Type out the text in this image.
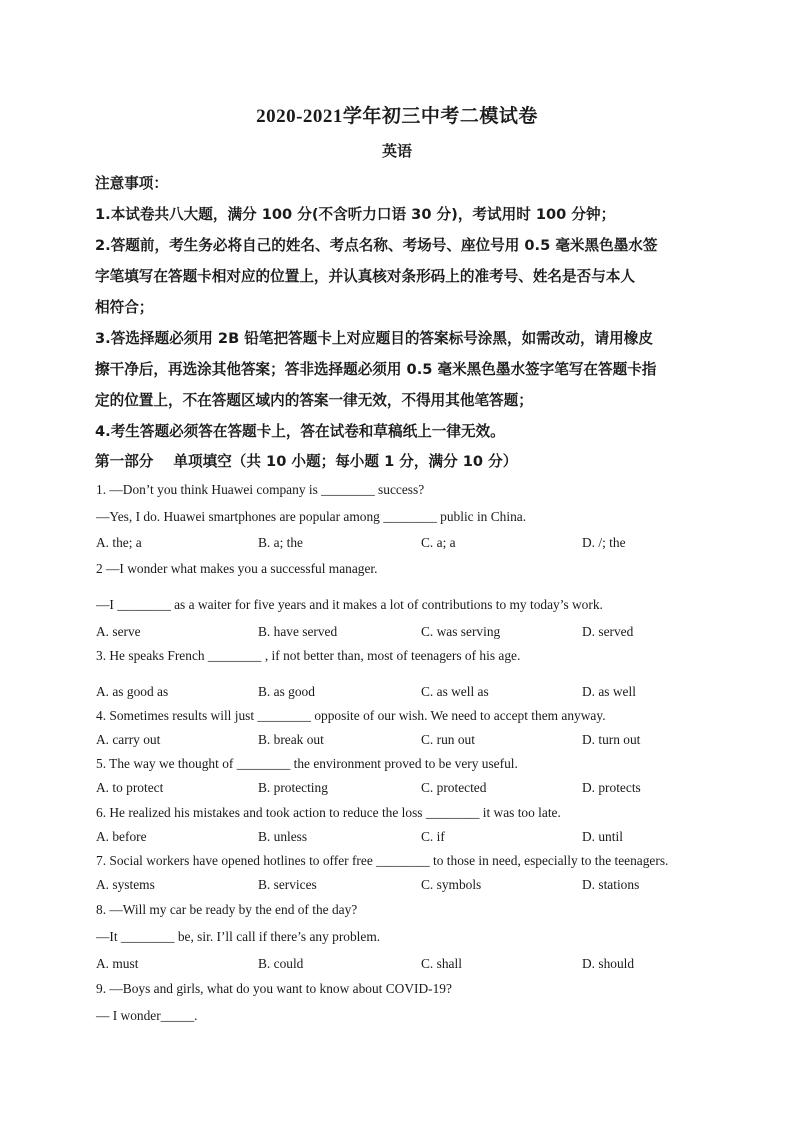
2020-2021学年初三中考二模试卷
英语
注意事项：
1.本试卷共八大题，满分 100 分(不含听力口语 30 分)，考试用时 100 分钟；
2.答题前，考生务必将自己的姓名、考点名称、考场号、座位号用 0.5 毫米黑色墨水签
字笔填写在答题卡相对应的位置上，并认真核对条形码上的准考号、姓名是否与本人
相符合；
3.答选择题必须用 2B 铅笔把答题卡上对应题目的答案标号涂黑，如需改动，请用橡皮
擦干净后，再选涂其他答案；答非选择题必须用 0.5 毫米黑色墨水签字笔写在答题卡指
定的位置上，不在答题区域内的答案一律无效，不得用其他笔答题；
4.考生答题必须答在答题卡上，答在试卷和草稿纸上一律无效。
第一部分 单项填空（共 10 小题；每小题 1 分，满分 10 分）
1. —Don’t you think Huawei company is ________ success?
—Yes, I do. Huawei smartphones are popular among ________ public in China.
A. the; a	B. a; the	C. a; a	D. /; the
2 —I wonder what makes you a successful manager.
—I ________ as a waiter for five years and it makes a lot of contributions to my today’s work.
A. serve	B. have served	C. was serving	D. served
3. He speaks French ________ , if not better than, most of teenagers of his age.
A. as good as	B. as good	C. as well as	D. as well
4. Sometimes results will just ________ opposite of our wish. We need to accept them anyway.
A. carry out	B. break out	C. run out	D. turn out
5. The way we thought of ________ the environment proved to be very useful.
A. to protect	B. protecting	C. protected	D. protects
6. He realized his mistakes and took action to reduce the loss ________ it was too late.
A. before	B. unless	C. if	D. until
7. Social workers have opened hotlines to offer free ________ to those in need, especially to the teenagers.
A. systems	B. services	C. symbols	D. stations
8. —Will my car be ready by the end of the day?
—It ________ be, sir. I’ll call if there’s any problem.
A. must	B. could	C. shall	D. should
9. —Boys and girls, what do you want to know about COVID-19?
— I wonder_____.
